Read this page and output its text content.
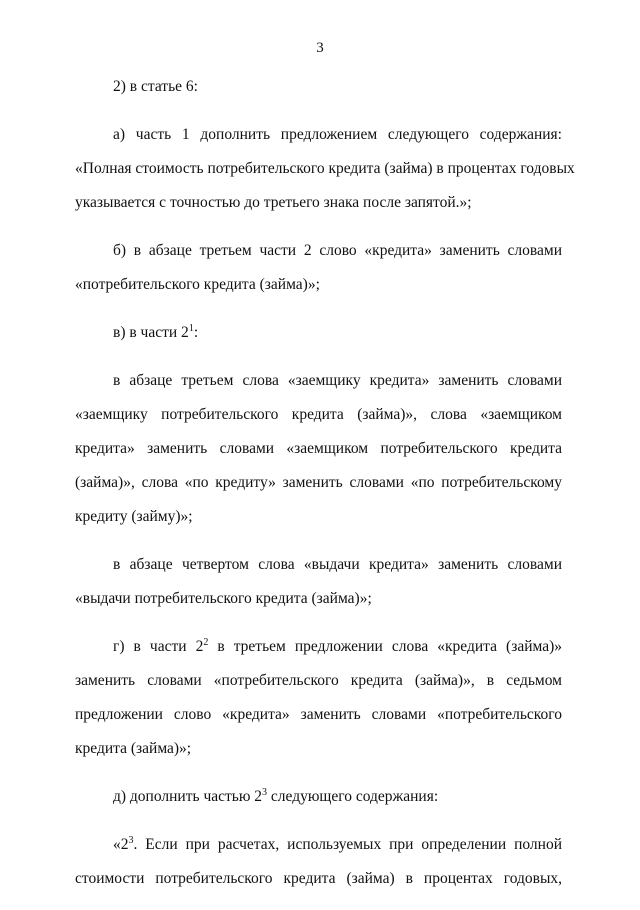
3
2) в статье 6:
а) часть 1 дополнить предложением следующего содержания:
«Полная стоимость потребительского кредита (займа) в процентах годовых
указывается с точностью до третьего знака после запятой.»;
б) в абзаце третьем части 2 слово «кредита» заменить словами
«потребительского кредита (займа)»;
в) в части $2^1$:
в абзаце третьем слова «заемщику кредита» заменить словами
«заемщику потребительского кредита (займа)», слова «заемщиком
кредита» заменить словами «заемщиком потребительского кредита
(займа)», слова «по кредиту» заменить словами «по потребительскому
кредиту (займу)»;
в абзаце четвертом слова «выдачи кредита» заменить словами
«выдачи потребительского кредита (займа)»;
г) в части $2^2$ в третьем предложении слова «кредита (займа)»
заменить словами «потребительского кредита (займа)», в седьмом
предложении слово «кредита» заменить словами «потребительского
кредита (займа)»;
д) дополнить частью $2^3$ следующего содержания:
«$2^3$. Если при расчетах, используемых при определении полной
стоимости потребительского кредита (займа) в процентах годовых,
